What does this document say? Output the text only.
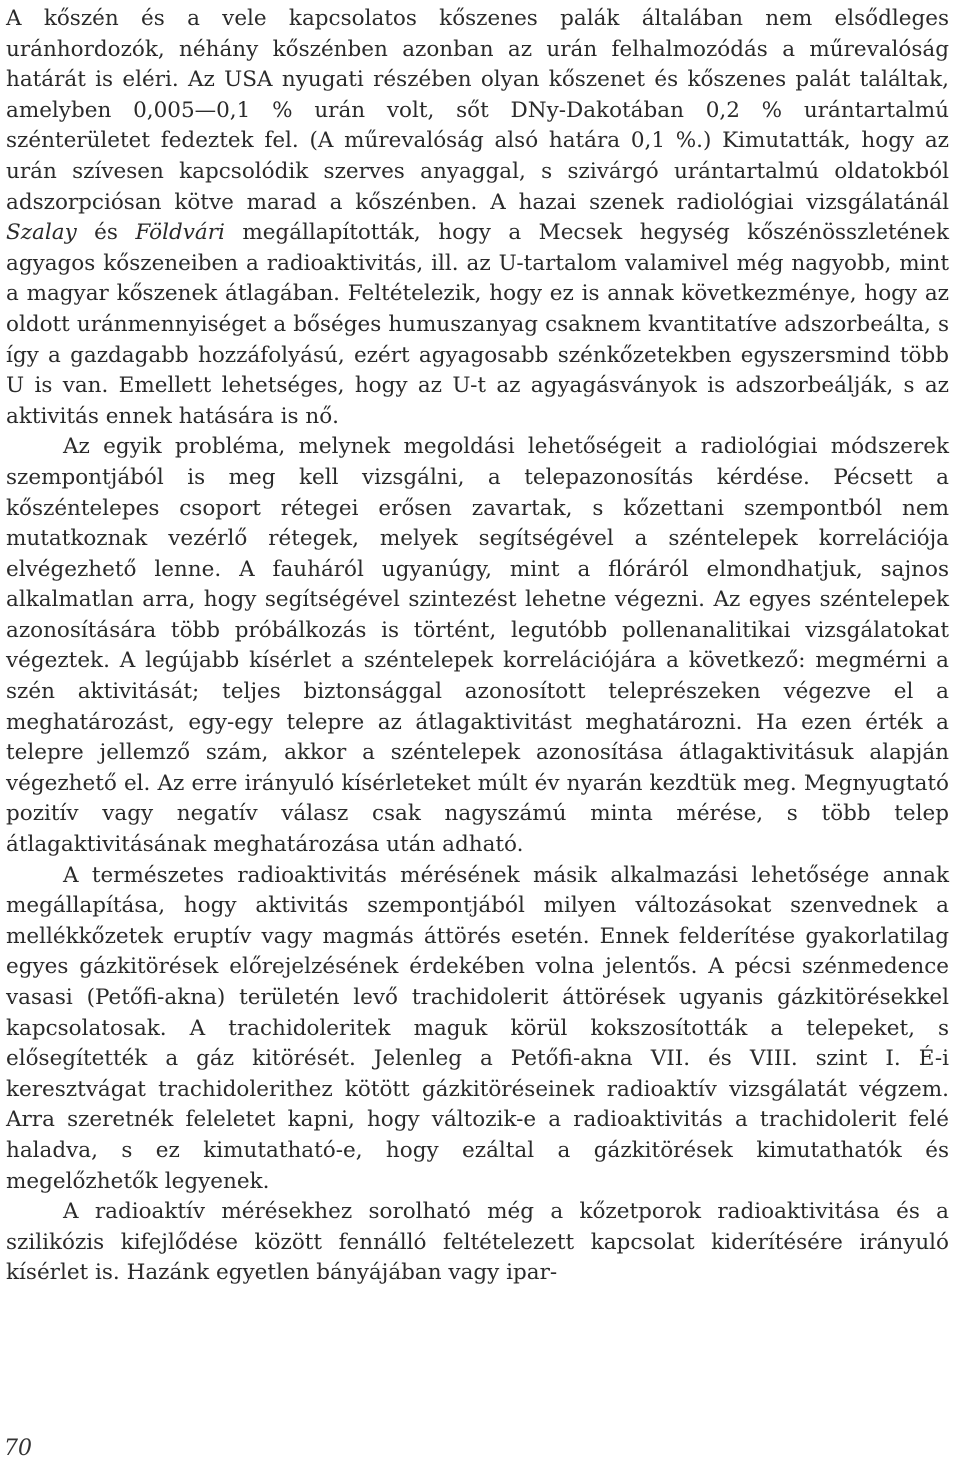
A kőszén és a vele kapcsolatos kőszenes palák általában nem elsődleges uránhordozók, néhány kőszénben azonban az urán felhalmozódás a műrevalóság határát is eléri. Az USA nyugati részében olyan kőszenet és kőszenes palát találtak, amelyben 0,005—0,1 % urán volt, sőt DNy-Dakotában 0,2 % urántartalmú szénterületet fedeztek fel. (A műrevalóság alsó határa 0,1 %.) Kimutatták, hogy az urán szívesen kapcsolódik szerves anyaggal, s szivárgó urántartalmú oldatokból adszorpciósan kötve marad a kőszénben. A hazai szenek radiológiai vizsgálatánál Szalay és Földvári megállapították, hogy a Mecsek hegység kőszénösszletének agyagos kőszeneiben a radioaktivitás, ill. az U-tartalom valamivel még nagyobb, mint a magyar kőszenek átlagában. Feltételezik, hogy ez is annak következménye, hogy az oldott uránmennyiséget a bőséges humuszanyag csaknem kvantitatíve adszorbeálta, s így a gazdagabb hozzáfolyású, ezért agyagosabb szénkőzetekben egyszersmind több U is van. Emellett lehetséges, hogy az U-t az agyagásványok is adszorbeálják, s az aktivitás ennek hatására is nő.

Az egyik probléma, melynek megoldási lehetőségeit a radiológiai módszerek szempontjából is meg kell vizsgálni, a telepazonosítás kérdése. Pécsett a kőszéntelepes csoport rétegei erősen zavartak, s kőzettani szempontból nem mutatkoznak vezérlő rétegek, melyek segítségével a széntelepek korrelációja elvégezhető lenne. A fauháról ugyanúgy, mint a flóráról elmondhatjuk, sajnos alkalmatlan arra, hogy segítségével szintezést lehetne végezni. Az egyes széntelepek azonosítására több próbálkozás is történt, legutóbb pollenanalitikai vizsgálatokat végeztek. A legújabb kísérlet a széntelepek korrelációjára a következő: megmérni a szén aktivitását; teljes biztonsággal azonosított teleprészeken végezve el a meghatározást, egy-egy telepre az átlagaktivitást meghatározni. Ha ezen érték a telepre jellemző szám, akkor a széntelepek azonosítása átlagaktivitásuk alapján végezhető el. Az erre irányuló kísérleteket múlt év nyarán kezdtük meg. Megnyugtató pozitív vagy negatív válasz csak nagyszámú minta mérése, s több telep átlagaktivitásának meghatározása után adható.

A természetes radioaktivitás mérésének másik alkalmazási lehetősége annak megállapítása, hogy aktivitás szempontjából milyen változásokat szenvednek a mellékkőzetek eruptív vagy magmás áttörés esetén. Ennek felderítése gyakorlatilag egyes gázkitörések előrejelzésének érdekében volna jelentős. A pécsi szénmedence vasasi (Petőfi-akna) területén levő trachidolerit áttörések ugyanis gázkitörésekkel kapcsolatosak. A trachidoleritek maguk körül kokszosították a telepeket, s elősegítették a gáz kitörését. Jelenleg a Petőfi-akna VII. és VIII. szint I. É-i keresztvágat trachidolerithez kötött gázkitöréseinek radioaktív vizsgálatát végzem. Arra szeretnék feleletet kapni, hogy változik-e a radioaktivitás a trachidolerit felé haladva, s ez kimutatható-e, hogy ezáltal a gázkitörések kimutathatók és megelőzhetők legyenek.

A radioaktív mérésekhez sorolható még a kőzetporok radioaktivitása és a szilikózis kifejlődése között fennálló feltételezett kapcsolat kiderítésére irányuló kísérlet is. Hazánk egyetlen bányájában vagy ipar-

70
